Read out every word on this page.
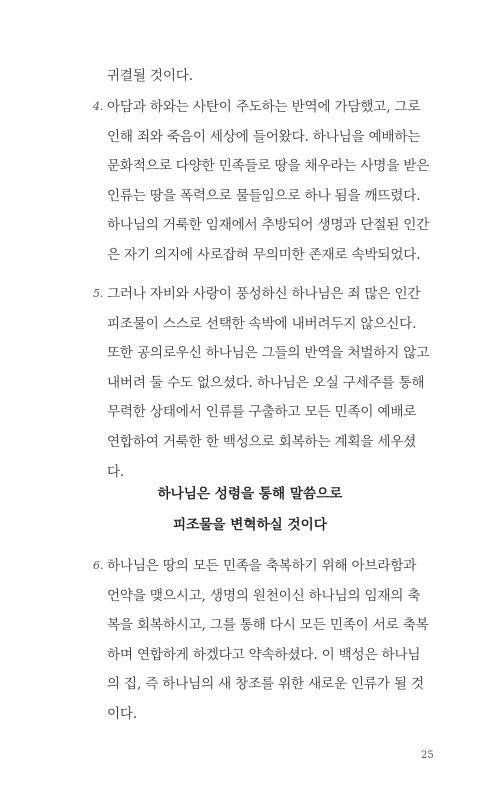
귀결될 것이다.

4. 아담과 하와는 사탄이 주도하는 반역에 가담했고, 그로 인해 죄와 죽음이 세상에 들어왔다. 하나님을 예배하는 문화적으로 다양한 민족들로 땅을 채우라는 사명을 받은 인류는 땅을 폭력으로 물들임으로 하나 됨을 깨뜨렸다. 하나님의 거룩한 임재에서 추방되어 생명과 단절된 인간은 자기 의지에 사로잡혀 무의미한 존재로 속박되었다.

5. 그러나 자비와 사랑이 풍성하신 하나님은 죄 많은 인간 피조물이 스스로 선택한 속박에 내버려두지 않으신다. 또한 공의로우신 하나님은 그들의 반역을 처벌하지 않고 내버려 둘 수도 없으셨다. 하나님은 오실 구세주를 통해 무력한 상태에서 인류를 구출하고 모든 민족이 예배로 연합하여 거룩한 한 백성으로 회복하는 계획을 세우셨다.

하나님은 성령을 통해 말씀으로

피조물을 변혁하실 것이다

6. 하나님은 땅의 모든 민족을 축복하기 위해 아브라함과 언약을 맺으시고, 생명의 원천이신 하나님의 임재의 축복을 회복하시고, 그를 통해 다시 모든 민족이 서로 축복하며 연합하게 하겠다고 약속하셨다. 이 백성은 하나님의 집, 즉 하나님의 새 창조를 위한 새로운 인류가 될 것이다.

25
